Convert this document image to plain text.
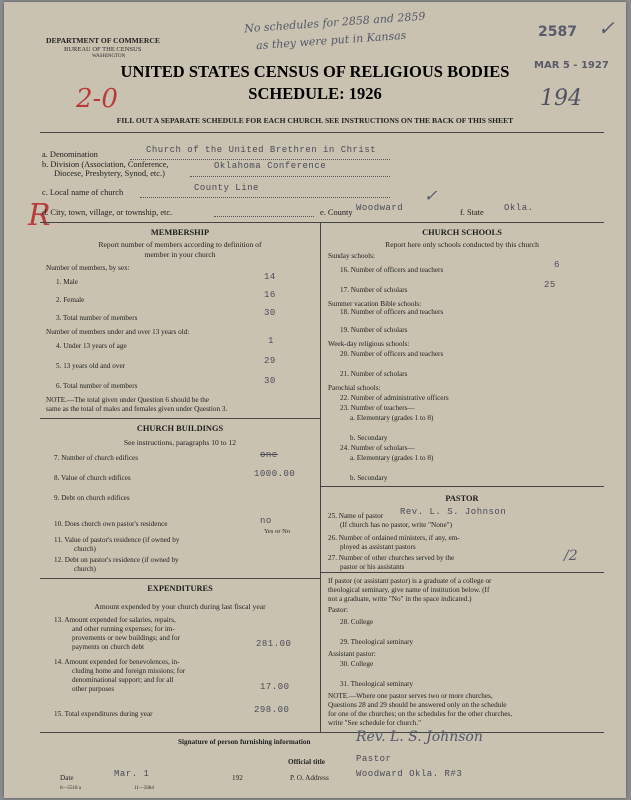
DEPARTMENT OF COMMERCE
BUREAU OF THE CENSUS
WASHINGTON
No schedules for 2858 and 2859
as they were put in Kansas	2587 ✓
MAR 5 - 1927
194
UNITED STATES CENSUS OF RELIGIOUS BODIES
SCHEDULE: 1926
2-0
FILL OUT A SEPARATE SCHEDULE FOR EACH CHURCH. SEE INSTRUCTIONS ON THE BACK OF THIS SHEET
a. Denomination	Church of the United Brethren in Christ
b. Division (Association, Conference,
Diocese, Presbytery, Synod, etc.)
Oklahoma Conference
c. Local name of church	County Line
R
d. City, town, village, or township, etc.	e. County Woodward
✓
f. State Okla.
MEMBERSHIP
Report number of members according to definition of
member in your church
Number of members, by sex:
1. Male	14
2. Female	16
3. Total number of members	30
Number of members under and over 13 years old:
4. Under 13 years of age	1
5. 13 years old and over	29
6. Total number of members	30
NOTE.—The total given under Question 6 should be the
same as the total of males and females given under Question 3.
CHURCH BUILDINGS
See instructions, paragraphs 10 to 12
7. Number of church edifices	one
8. Value of church edifices	1000.00
9. Debt on church edifices
10. Does church own pastor's residence	no
Yes or No
11. Value of pastor's residence (if owned by
church)
12. Debt on pastor's residence (if owned by
church)
EXPENDITURES
Amount expended by your church during last fiscal year
13. Amount expended for salaries, repairs,
and other running expenses; for im-
provements or new buildings; and for
payments on church debt	281.00
14. Amount expended for benevolences, in-
cluding home and foreign missions; for
denominational support; and for all
other purposes	17.00
15. Total expenditures during year	298.00
CHURCH SCHOOLS
Report here only schools conducted by this church
Sunday schools:
16. Number of officers and teachers	6
17. Number of scholars	25
Summer vacation Bible schools:
18. Number of officers and teachers
19. Number of scholars
Week-day religious schools:
20. Number of officers and teachers
21. Number of scholars
Parochial schools:
22. Number of administrative officers
23. Number of teachers—
a. Elementary (grades 1 to 8)
b. Secondary
24. Number of scholars—
a. Elementary (grades 1 to 8)
b. Secondary
PASTOR
25. Name of pastor Rev. L. S. Johnson
(If church has no pastor, write "None")
26. Number of ordained ministers, if any, em-
ployed as assistant pastors
27. Number of other churches served by the
pastor or his assistants
/2
If pastor (or assistant pastor) is a graduate of a college or
theological seminary, give name of institution below. (If
not a graduate, write "No" in the space indicated.)
Pastor:
28. College
29. Theological seminary
Assistant pastor:
30. College
31. Theological seminary
NOTE.—Where one pastor serves two or more churches,
Questions 28 and 29 should be answered only on the schedule
for one of the churches; on the schedules for the other churches,
write "See schedule for church."
Signature of person furnishing information	Rev. L. S. Johnson
Official title	Pastor
Date	Mar. 1	192	P. O. Address	Woodward Okla. R#3
6—5518 a	11—5684
